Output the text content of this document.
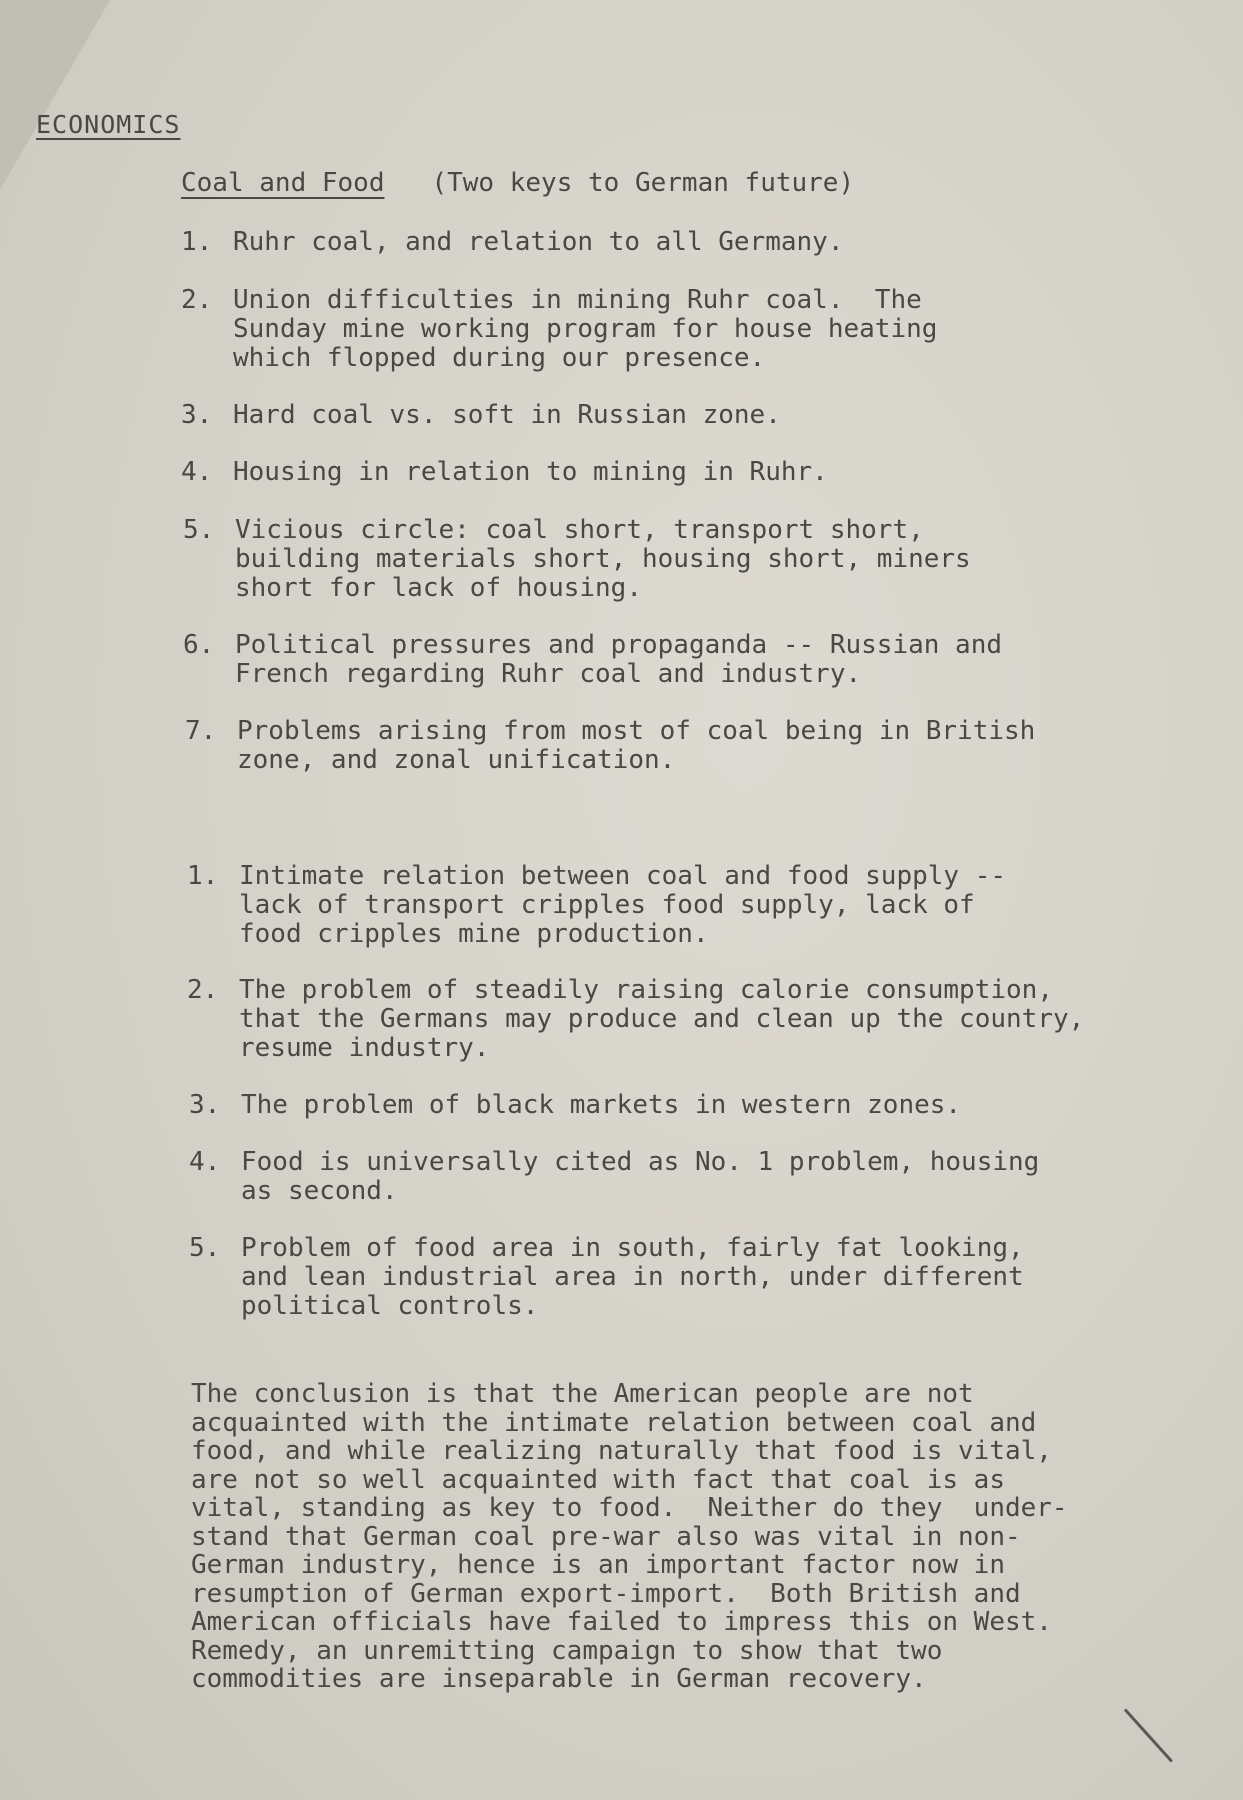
ECONOMICS
Coal and Food (Two keys to German future)

1.

Ruhr coal, and relation to all Germany.

2.

Union difficulties in mining Ruhr coal.  The
Sunday mine working program for house heating
which flopped during our presence.

3.

Hard coal vs. soft in Russian zone.

4.

Housing in relation to mining in Ruhr.

5.

Vicious circle: coal short, transport short,
building materials short, housing short, miners
short for lack of housing.

6.

Political pressures and propaganda -- Russian and
French regarding Ruhr coal and industry.

7.

Problems arising from most of coal being in British
zone, and zonal unification.

1.

Intimate relation between coal and food supply --
lack of transport cripples food supply, lack of
food cripples mine production.

2.

The problem of steadily raising calorie consumption,
that the Germans may produce and clean up the country,
resume industry.

3.

The problem of black markets in western zones.

4.

Food is universally cited as No. 1 problem, housing
as second.

5.

Problem of food area in south, fairly fat looking,
and lean industrial area in north, under different
political controls.

The conclusion is that the American people are not
acquainted with the intimate relation between coal and
food, and while realizing naturally that food is vital,
are not so well acquainted with fact that coal is as
vital, standing as key to food.  Neither do they  under-
stand that German coal pre-war also was vital in non-
German industry, hence is an important factor now in
resumption of German export-import.  Both British and
American officials have failed to impress this on West.
Remedy, an unremitting campaign to show that two
commodities are inseparable in German recovery.
